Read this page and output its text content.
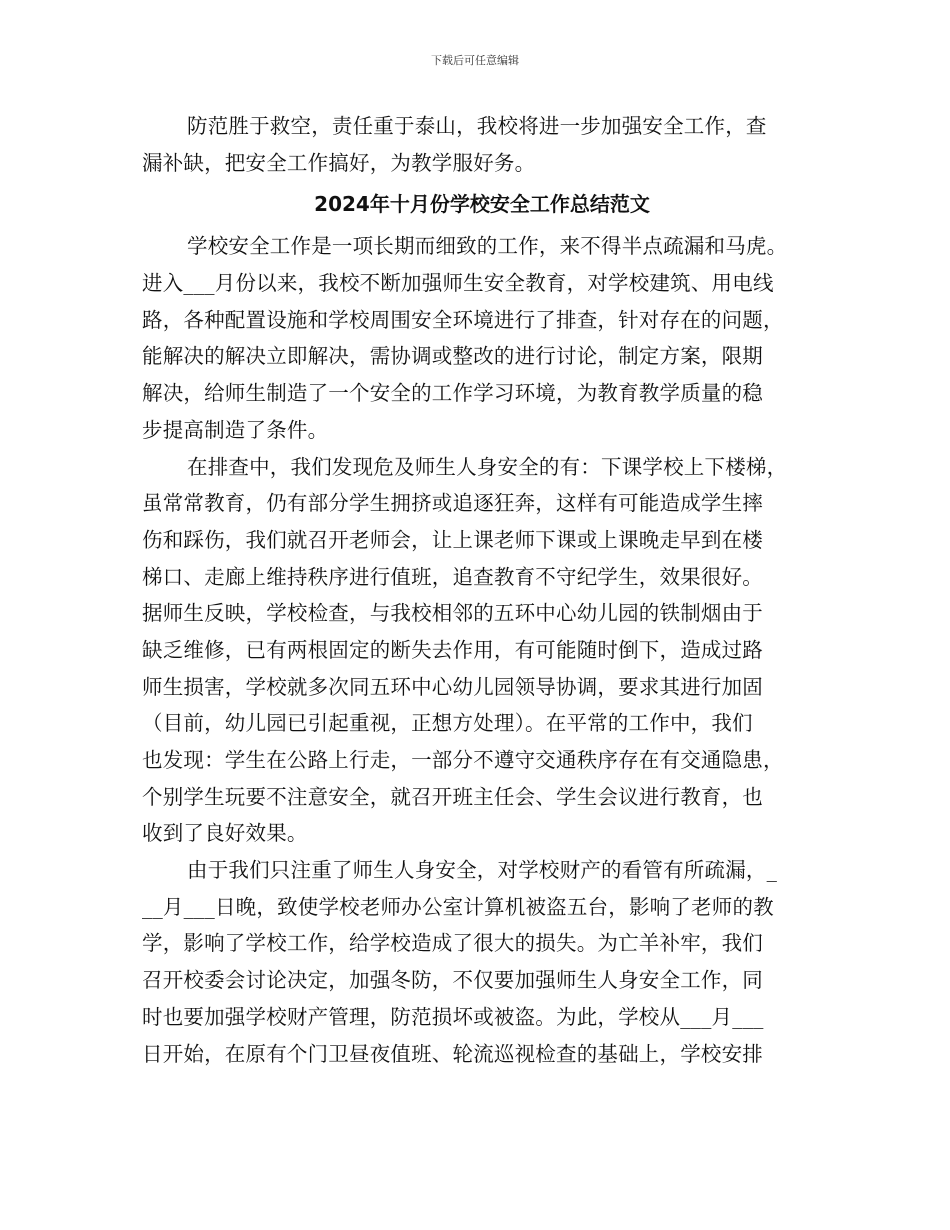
下载后可任意编辑
防范胜于救空，责任重于泰山，我校将进一步加强安全工作，查
漏补缺，把安全工作搞好，为教学服好务。
2024年十月份学校安全工作总结范文
学校安全工作是一项长期而细致的工作，来不得半点疏漏和马虎。
进入___月份以来，我校不断加强师生安全教育，对学校建筑、用电线
路，各种配置设施和学校周围安全环境进行了排查，针对存在的问题，
能解决的解决立即解决，需协调或整改的进行讨论，制定方案，限期
解决，给师生制造了一个安全的工作学习环境，为教育教学质量的稳
步提高制造了条件。
在排查中，我们发现危及师生人身安全的有：下课学校上下楼梯，
虽常常教育，仍有部分学生拥挤或追逐狂奔，这样有可能造成学生摔
伤和踩伤，我们就召开老师会，让上课老师下课或上课晚走早到在楼
梯口、走廊上维持秩序进行值班，追查教育不守纪学生，效果很好。
据师生反映，学校检查，与我校相邻的五环中心幼儿园的铁制烟由于
缺乏维修，已有两根固定的断失去作用，有可能随时倒下，造成过路
师生损害，学校就多次同五环中心幼儿园领导协调，要求其进行加固
（目前，幼儿园已引起重视，正想方处理）。在平常的工作中，我们
也发现：学生在公路上行走，一部分不遵守交通秩序存在有交通隐患，
个别学生玩要不注意安全，就召开班主任会、学生会议进行教育，也
收到了良好效果。
由于我们只注重了师生人身安全，对学校财产的看管有所疏漏，_
__月___日晚，致使学校老师办公室计算机被盗五台，影响了老师的教
学，影响了学校工作，给学校造成了很大的损失。为亡羊补牢，我们
召开校委会讨论决定，加强冬防，不仅要加强师生人身安全工作，同
时也要加强学校财产管理，防范损坏或被盗。为此，学校从___月___
日开始，在原有个门卫昼夜值班、轮流巡视检查的基础上，学校安排
